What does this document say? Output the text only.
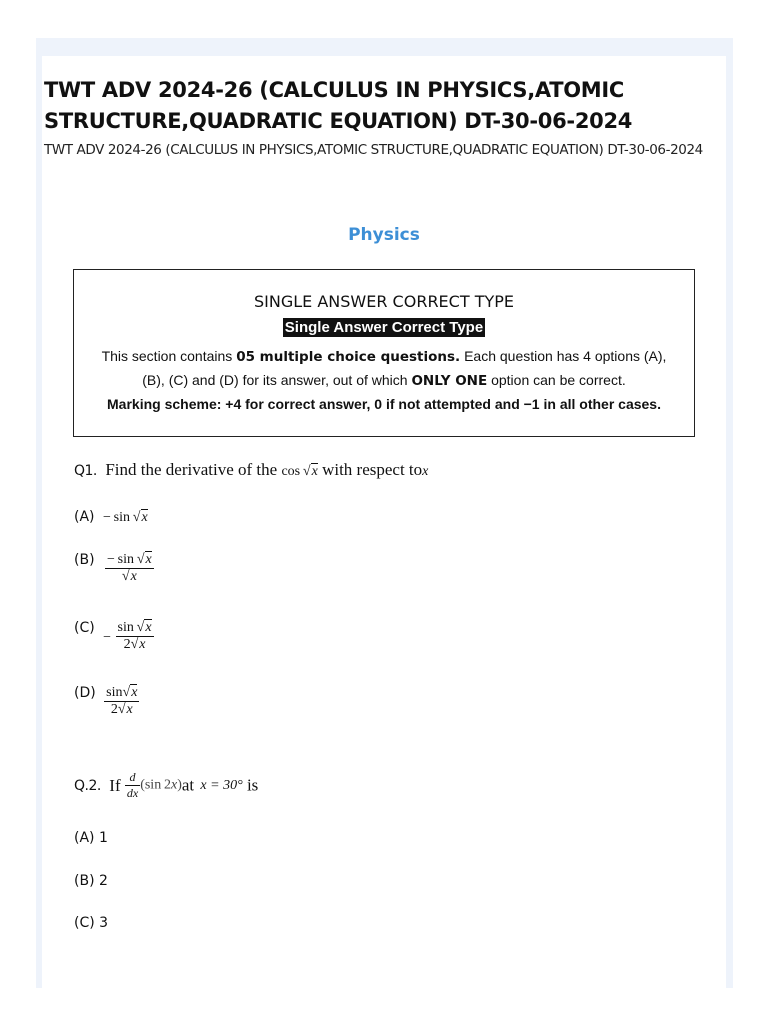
TWT ADV 2024-26 (CALCULUS IN PHYSICS,ATOMIC STRUCTURE,QUADRATIC EQUATION) DT-30-06-2024
TWT ADV 2024-26 (CALCULUS IN PHYSICS,ATOMIC STRUCTURE,QUADRATIC EQUATION) DT-30-06-2024
Physics
SINGLE ANSWER CORRECT TYPE
Single Answer Correct Type
This section contains 05 multiple choice questions. Each question has 4 options (A), (B), (C) and (D) for its answer, out of which ONLY ONE option can be correct.
Marking scheme: +4 for correct answer, 0 if not attempted and −1 in all other cases.
Q1. Find the derivative of the cos √x with respect tox
(A) − sin √x
$(B) \frac{- \sin √x}{√x}$
$(C) - \frac{\sin √x}{2√x}$
$(D) \frac{\sin√x}{2√x}$
Q.2. If $\frac{d}{dx} (\sin$ 2x)at x = 30° is
(A) 1
(B) 2
(C) 3
